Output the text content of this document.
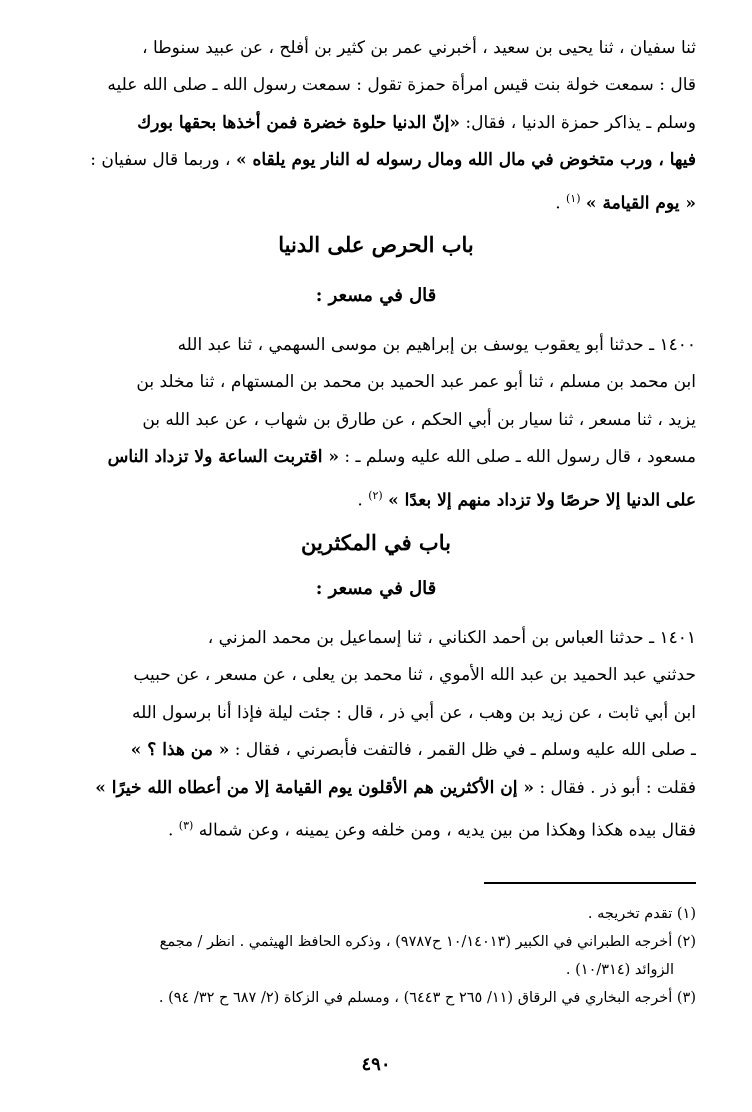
ثنا سفيان ، ثنا يحيى بن سعيد ، أخبرني عمر بن كثير بن أفلح ، عن عبيد سنوطا ،
قال : سمعت خولة بنت قيس امرأة حمزة تقول : سمعت رسول الله ـ صلى الله عليه
وسلم ـ يذاكر حمزة الدنيا ، فقال: «إنّ الدنيا حلوة خضرة فمن أخذها بحقها بورك
فيها ، ورب متخوض في مال الله ومال رسوله له النار يوم يلقاه » ، وربما قال سفيان :
« يوم القيامة » $^{(١)}$ .
باب الحرص على الدنيا
قال في مسعر :
١٤٠٠ ـ حدثنا أبو يعقوب يوسف بن إبراهيم بن موسى السهمي ، ثنا عبد الله
ابن محمد بن مسلم ، ثنا أبو عمر عبد الحميد بن محمد بن المستهام ، ثنا مخلد بن
يزيد ، ثنا مسعر ، ثنا سيار بن أبي الحكم ، عن طارق بن شهاب ، عن عبد الله بن
مسعود ، قال رسول الله ـ صلى الله عليه وسلم ـ : « اقتربت الساعة ولا تزداد الناس
على الدنيا إلا حرصًا ولا تزداد منهم إلا بعدًا » $^{(٢)}$ .
باب في المكثرين
قال في مسعر :
١٤٠١ ـ حدثنا العباس بن أحمد الكناني ، ثنا إسماعيل بن محمد المزني ،
حدثني عبد الحميد بن عبد الله الأموي ، ثنا محمد بن يعلى ، عن مسعر ، عن حبيب
ابن أبي ثابت ، عن زيد بن وهب ، عن أبي ذر ، قال : جئت ليلة فإذا أنا برسول الله
ـ صلى الله عليه وسلم ـ في ظل القمر ، فالتفت فأبصرني ، فقال : « من هذا ؟ »
فقلت : أبو ذر . فقال : « إن الأكثرين هم الأقلون يوم القيامة إلا من أعطاه الله خيرًا »
فقال بيده هكذا وهكذا من بين يديه ، ومن خلفه وعن يمينه ، وعن شماله $^{(٣)}$ .
(١) تقدم تخريجه .
(٢) أخرجه الطبراني في الكبير (١٠/١٤٠١٣ ح٩٧٨٧) ، وذكره الحافظ الهيثمي . انظر / مجمع
الزوائد (١٠/٣١٤) .
(٣) أخرجه البخاري في الرقاق (١١/ ٢٦٥ ح ٦٤٤٣) ، ومسلم في الزكاة (٢/ ٦٨٧ ح ٣٢/ ٩٤) .
٤٩٠
